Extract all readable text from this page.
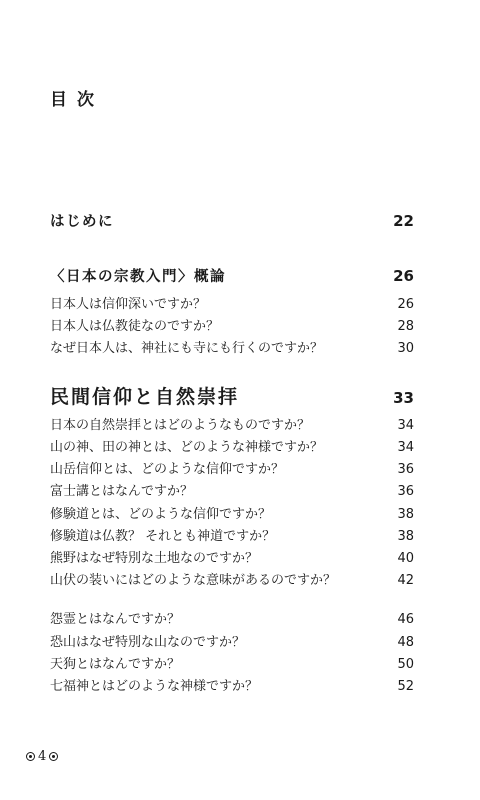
目次
はじめに	22
〈日本の宗教入門〉概論	26
日本人は信仰深いですか？	26
日本人は仏教徒なのですか？	28
なぜ日本人は、神社にも寺にも行くのですか？	30
民間信仰と自然崇拝	33
日本の自然崇拝とはどのようなものですか？	34
山の神、田の神とは、どのような神様ですか？	34
山岳信仰とは、どのような信仰ですか？	36
富士講とはなんですか？	36
修験道とは、どのような信仰ですか？	38
修験道は仏教？ それとも神道ですか？	38
熊野はなぜ特別な土地なのですか？	40
山伏の装いにはどのような意味があるのですか？	42
怨霊とはなんですか？	46
恐山はなぜ特別な山なのですか？	48
天狗とはなんですか？	50
七福神とはどのような神様ですか？	52
4
